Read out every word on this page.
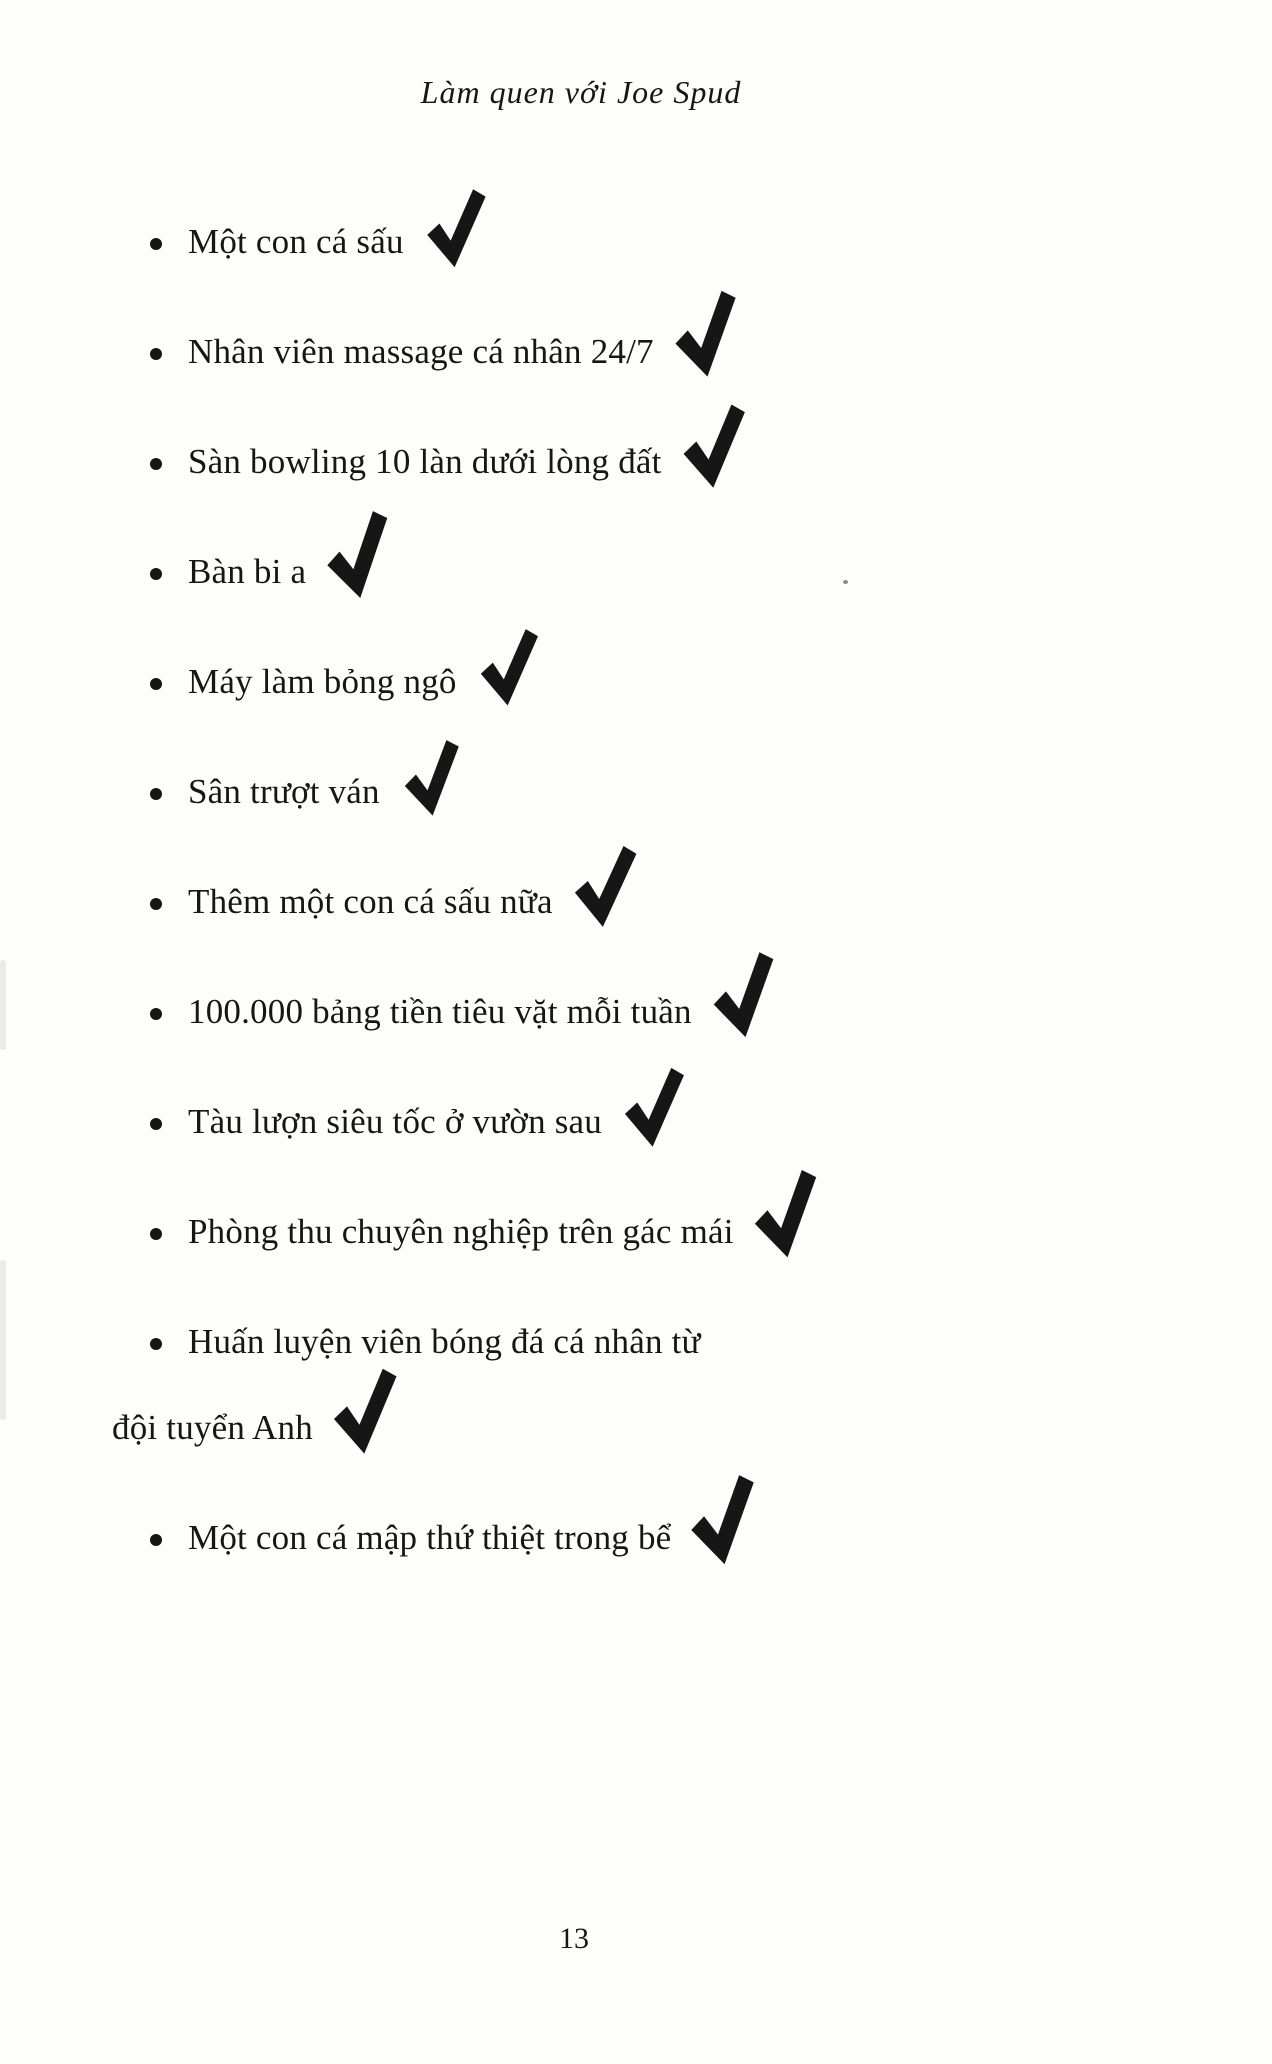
Làm quen với Joe Spud
Một con cá sấu
Nhân viên massage cá nhân 24/7
Sàn bowling 10 làn dưới lòng đất
Bàn bi a
Máy làm bỏng ngô
Sân trượt ván
Thêm một con cá sấu nữa
100.000 bảng tiền tiêu vặt mỗi tuần
Tàu lượn siêu tốc ở vườn sau
Phòng thu chuyên nghiệp trên gác mái
Huấn luyện viên bóng đá cá nhân từ
đội tuyển Anh
Một con cá mập thứ thiệt trong bể
13
